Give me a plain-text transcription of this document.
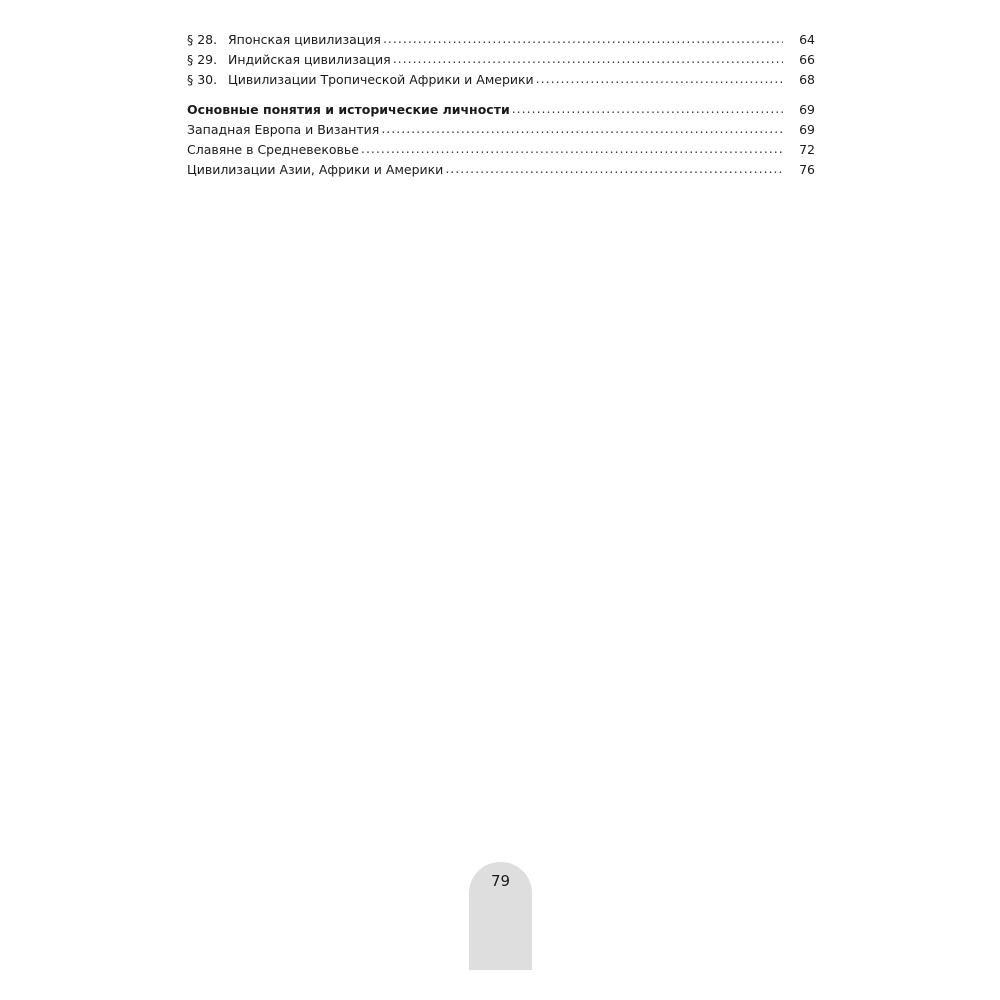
§ 28. Японская цивилизация .....	64
§ 29. Индийская цивилизация .....	66
§ 30. Цивилизации Тропической Африки и Америки .....	68
Основные понятия и исторические личности .....	69
Западная Европа и Византия .....	69
Славяне в Средневековье .....	72
Цивилизации Азии, Африки и Америки .....	76
79
